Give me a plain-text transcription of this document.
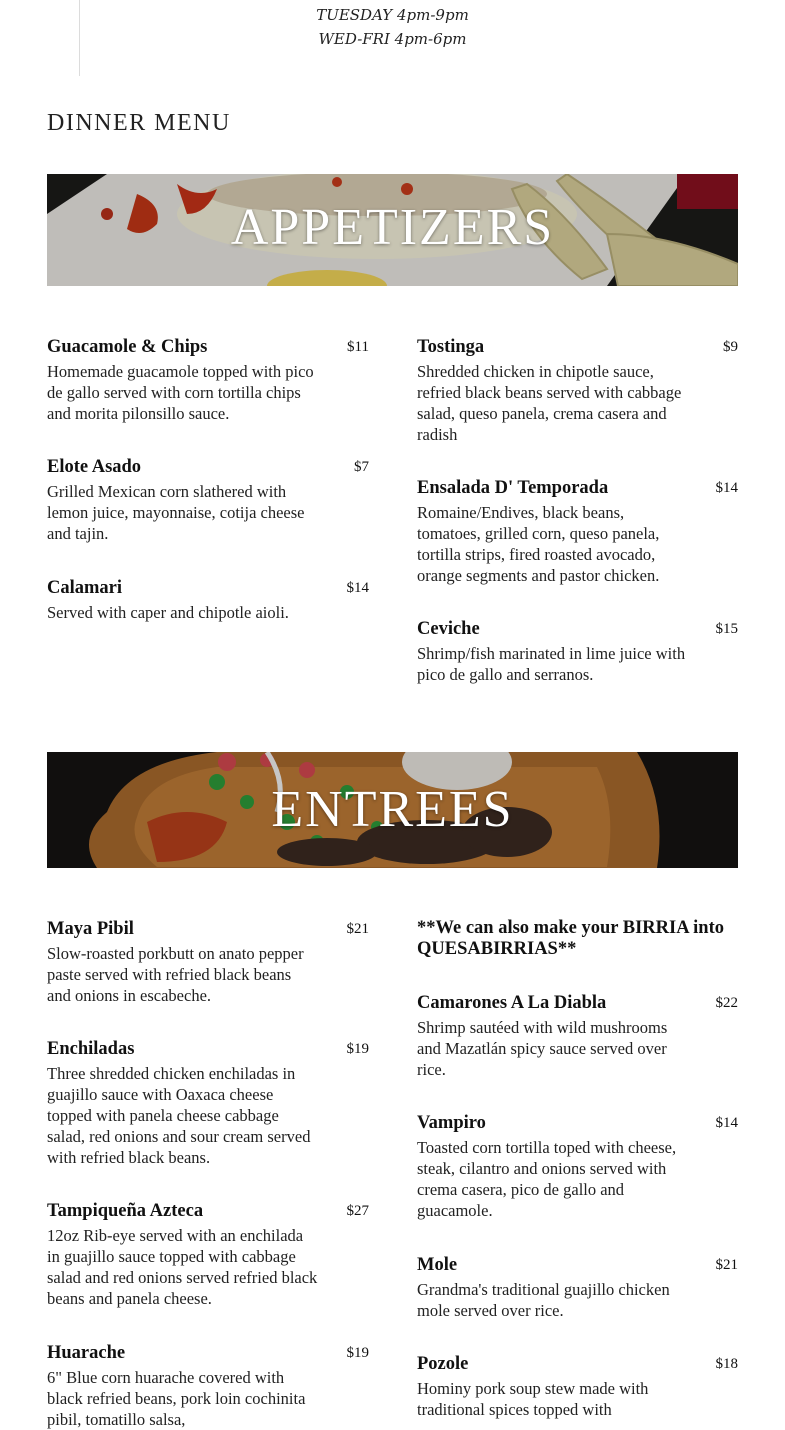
TUESDAY 4pm-9pm
WED-FRI 4pm-6pm
DINNER MENU
APPETIZERS
Guacamole & Chips	$11
Homemade guacamole topped with pico de gallo served with corn tortilla chips and morita pilonsillo sauce.
Elote Asado	$7
Grilled Mexican corn slathered with lemon juice, mayonnaise, cotija cheese and tajin.
Calamari	$14
Served with caper and chipotle aioli.
Tostinga	$9
Shredded chicken in chipotle sauce, refried black beans served with cabbage salad, queso panela, crema casera and radish
Ensalada D' Temporada	$14
Romaine/Endives, black beans, tomatoes, grilled corn, queso panela, tortilla strips, fired roasted avocado, orange segments and pastor chicken.
Ceviche	$15
Shrimp/fish marinated in lime juice with pico de gallo and serranos.
ENTREES
Maya Pibil	$21
Slow-roasted porkbutt on anato pepper paste served with refried black beans and onions in escabeche.
Enchiladas	$19
Three shredded chicken enchiladas in guajillo sauce with Oaxaca cheese topped with panela cheese cabbage salad, red onions and sour cream served with refried black beans.
Tampiqueña Azteca	$27
12oz Rib-eye served with an enchilada in guajillo sauce topped with cabbage salad and red onions served refried black beans and panela cheese.
Huarache	$19
6" Blue corn huarache covered with black refried beans, pork loin cochinita pibil, tomatillo salsa,
**We can also make your BIRRIA into QUESABIRRIAS**
Camarones A La Diabla	$22
Shrimp sautéed with wild mushrooms and Mazatlán spicy sauce served over rice.
Vampiro	$14
Toasted corn tortilla toped with cheese, steak, cilantro and onions served with crema casera, pico de gallo and guacamole.
Mole	$21
Grandma's traditional guajillo chicken mole served over rice.
Pozole	$18
Hominy pork soup stew made with traditional spices topped with
